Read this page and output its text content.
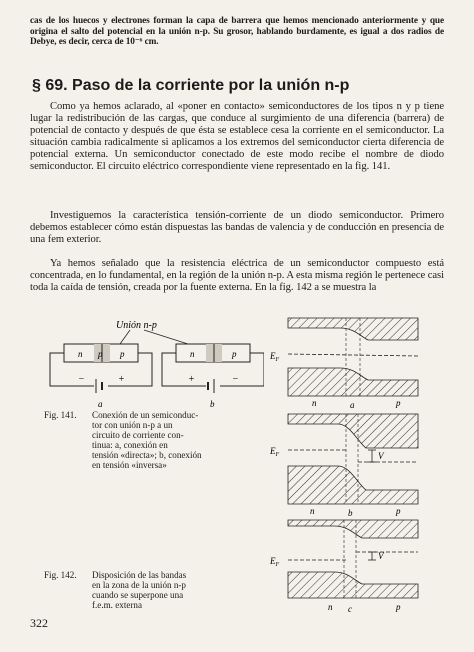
cas de los huecos y electrones forman la capa de barrera que hemos mencionado anteriormente y que origina el salto del potencial en la unión n-p. Su grosor, hablando burdamente, es igual a dos radios de Debye, es decir, cerca de 10⁻⁶ cm.
§ 69. Paso de la corriente por la unión n-p

Como ya hemos aclarado, al «poner en contacto» semiconductores de los tipos n y p tiene lugar la redistribución de las cargas, que conduce al surgimiento de una diferencia (barrera) de potencial de contacto y después de que ésta se establece cesa la corriente en el semiconductor. La situación cambia radicalmente si aplicamos a los extremos del semiconductor cierta diferencia de potencial externa. Un semiconductor conectado de este modo recibe el nombre de diodo semiconductor. El circuito eléctrico correspondiente viene representado en la fig. 141.

Investiguemos la característica tensión-corriente de un diodo semiconductor. Primero debemos establecer cómo están dispuestas las bandas de valencia y de conducción en presencia de una fem exterior.

Ya hemos señalado que la resistencia eléctrica de un semiconductor compuesto está concentrada, en lo fundamental, en la región de la unión n-p. A esta misma región le pertenece casi toda la caída de tensión, creada por la fuente externa. En la fig. 142 a se muestra la

Unión n-p
n p p
−	+
a
n	p
+	−
b
Fig. 141. Conexión de un semiconduc-
tor con unión n-p a un
circuito de corriente con-
tinua: a, conexión en
tensión «directa»; b, conexión
en tensión «inversa»
$E_F$
n	p
a
$E_F$	V
n	p
b
$E_F$
V
n	p
c
Fig. 142. Disposición de las bandas
en la zona de la unión n-p
cuando se superpone una
f.e.m. externa
322
